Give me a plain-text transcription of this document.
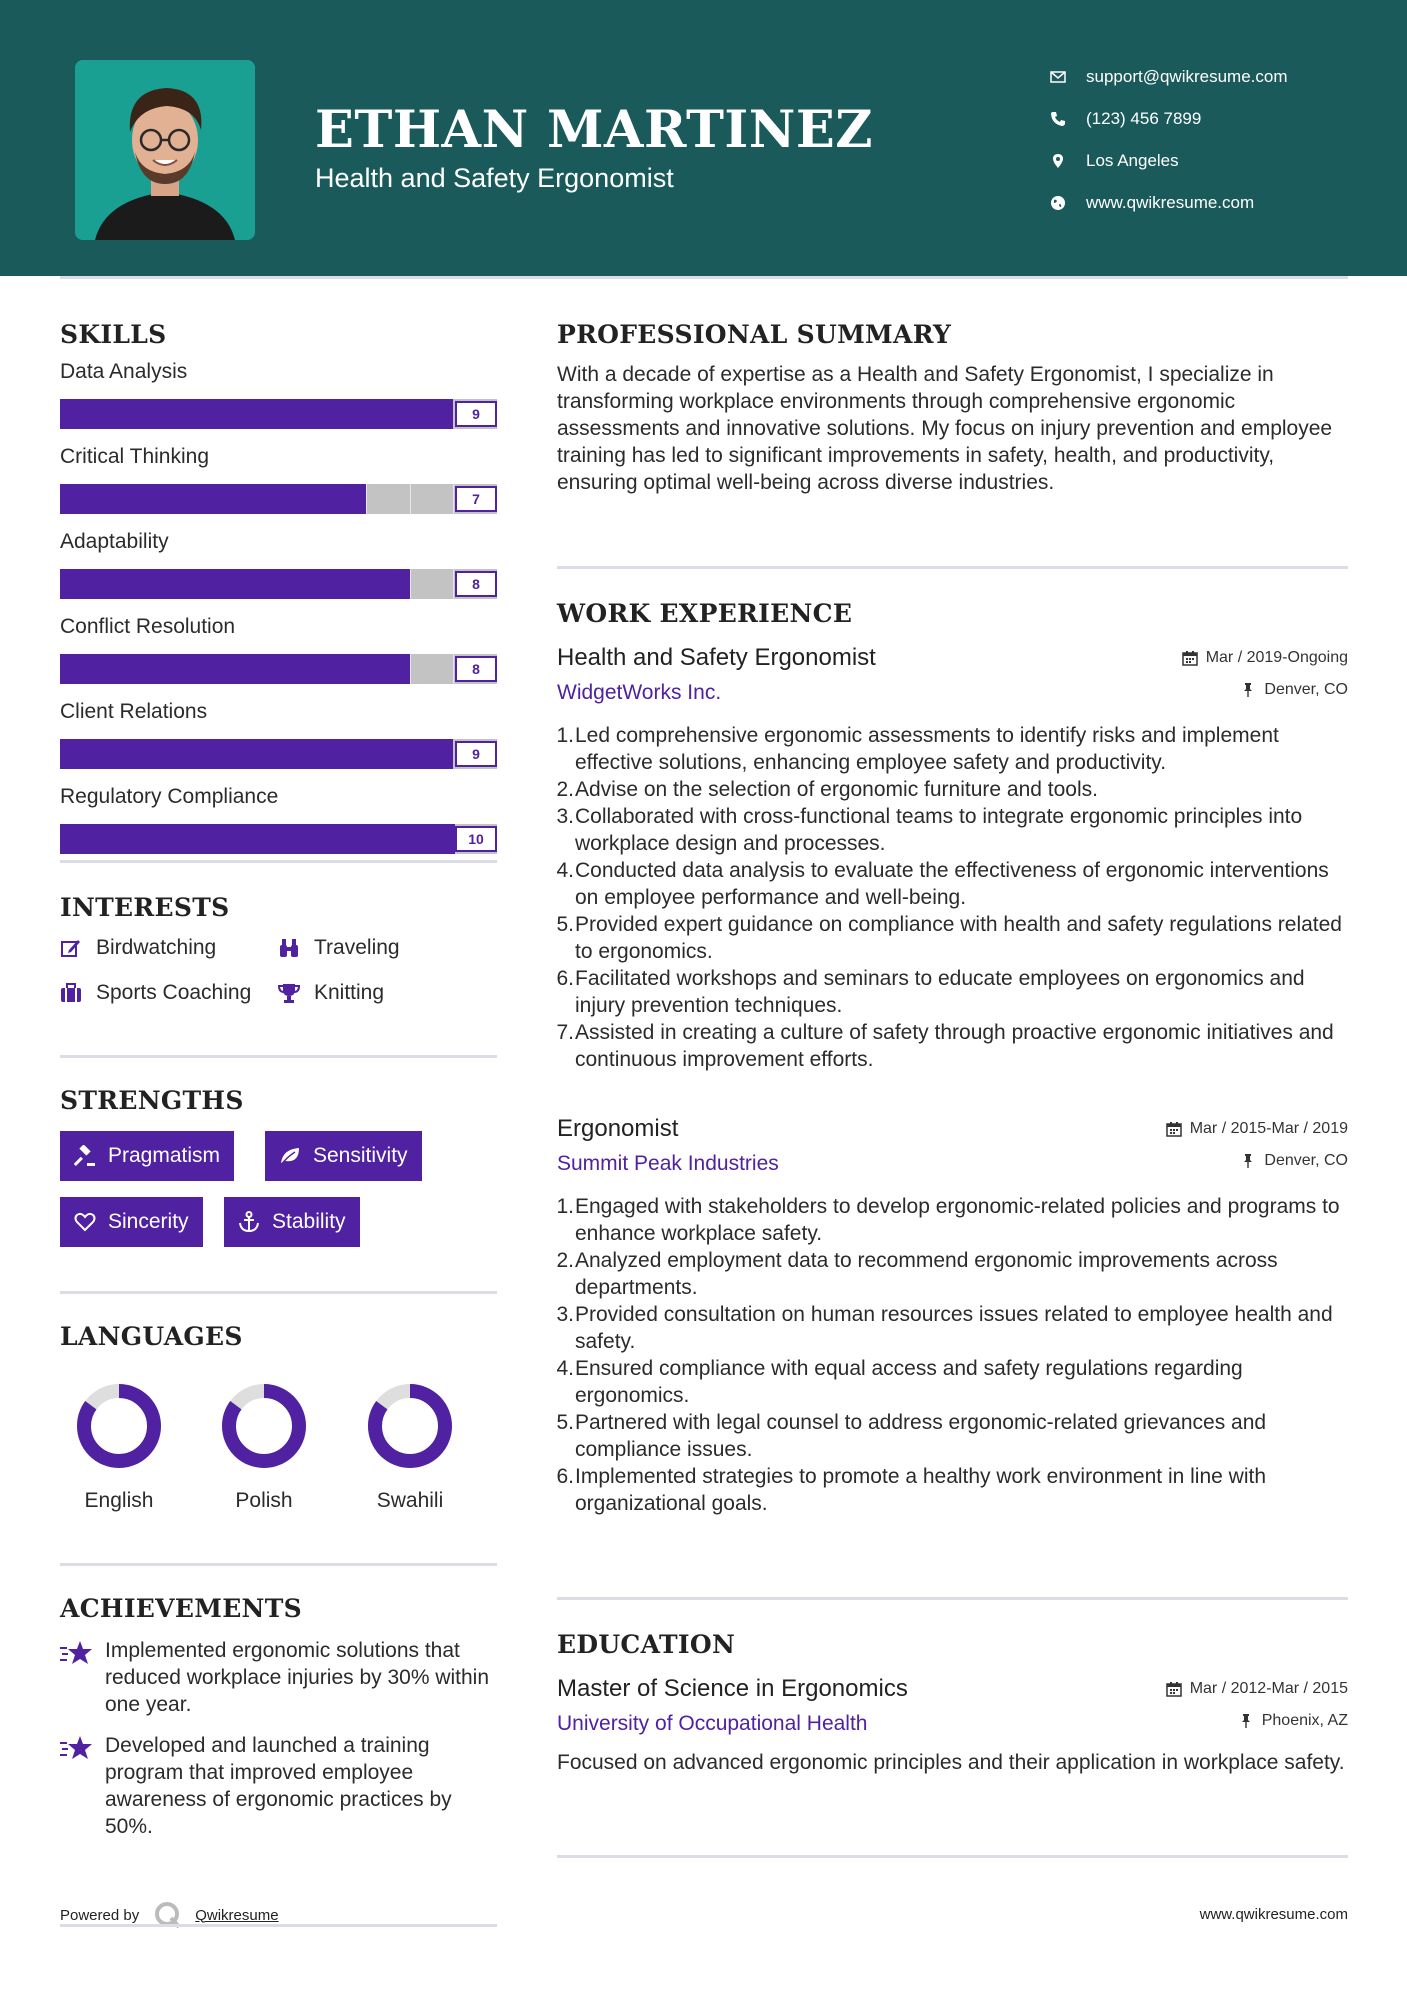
ETHAN MARTINEZ
Health and Safety Ergonomist
support@qwikresume.com
(123) 456 7899
Los Angeles
www.qwikresume.com
SKILLS
Data Analysis
9
Critical Thinking
7
Adaptability
8
Conflict Resolution
8
Client Relations
9
Regulatory Compliance
10
INTERESTS
Birdwatching	Traveling
Sports Coaching	Knitting
STRENGTHS
Pragmatism	Sensitivity
Sincerity	Stability
LANGUAGES
English	Polish	Swahili
ACHIEVEMENTS
Implemented ergonomic solutions that reduced workplace injuries by 30% within one year.
Developed and launched a training program that improved employee awareness of ergonomic practices by 50%.
PROFESSIONAL SUMMARY
With a decade of expertise as a Health and Safety Ergonomist, I specialize in transforming workplace environments through comprehensive ergonomic assessments and innovative solutions. My focus on injury prevention and employee training has led to significant improvements in safety, health, and productivity, ensuring optimal well-being across diverse industries.
WORK EXPERIENCE
Health and Safety Ergonomist
WidgetWorks Inc.
Mar / 2019-Ongoing
Denver, CO
1. Led comprehensive ergonomic assessments to identify risks and implement effective solutions, enhancing employee safety and productivity.
2. Advise on the selection of ergonomic furniture and tools.
3. Collaborated with cross-functional teams to integrate ergonomic principles into workplace design and processes.
4. Conducted data analysis to evaluate the effectiveness of ergonomic interventions on employee performance and well-being.
5. Provided expert guidance on compliance with health and safety regulations related to ergonomics.
6. Facilitated workshops and seminars to educate employees on ergonomics and injury prevention techniques.
7. Assisted in creating a culture of safety through proactive ergonomic initiatives and continuous improvement efforts.
Ergonomist
Summit Peak Industries
Mar / 2015-Mar / 2019
Denver, CO
1. Engaged with stakeholders to develop ergonomic-related policies and programs to enhance workplace safety.
2. Analyzed employment data to recommend ergonomic improvements across departments.
3. Provided consultation on human resources issues related to employee health and safety.
4. Ensured compliance with equal access and safety regulations regarding ergonomics.
5. Partnered with legal counsel to address ergonomic-related grievances and compliance issues.
6. Implemented strategies to promote a healthy work environment in line with organizational goals.
EDUCATION
Master of Science in Ergonomics
University of Occupational Health
Mar / 2012-Mar / 2015
Phoenix, AZ
Focused on advanced ergonomic principles and their application in workplace safety.
Powered by	Qwikresume	www.qwikresume.com
